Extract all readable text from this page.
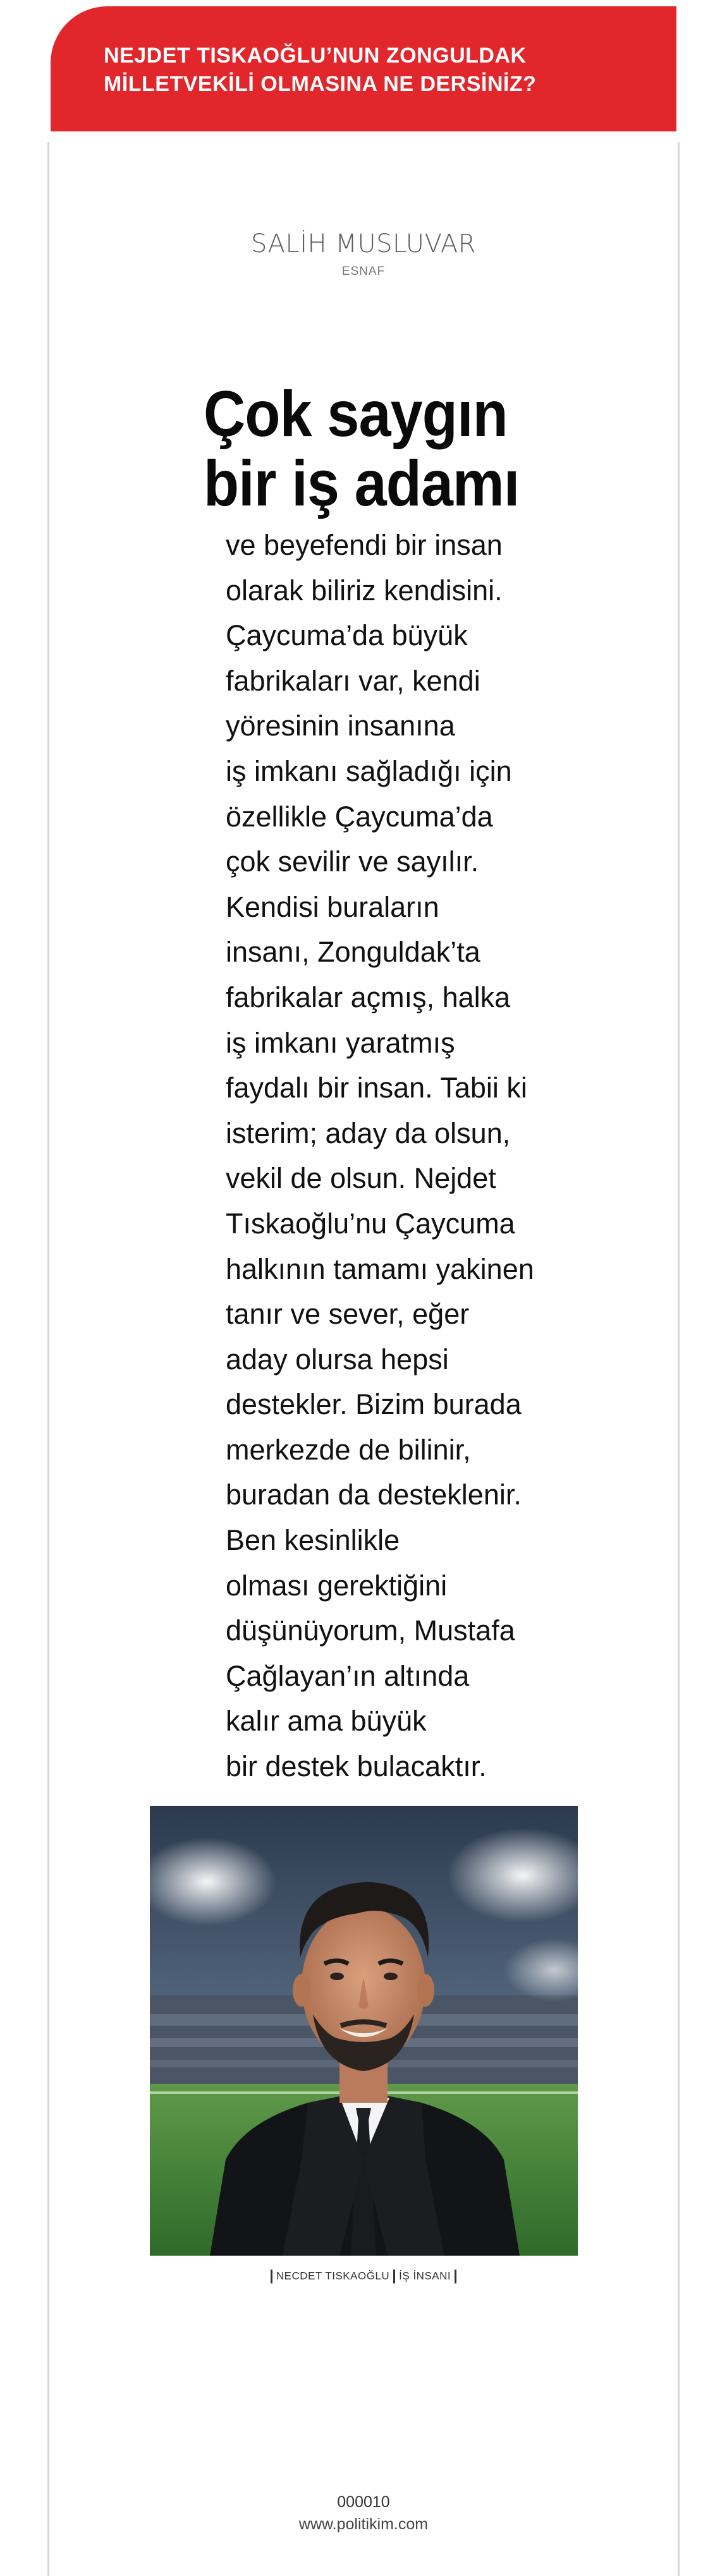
NEJDET TISKAOĞLU’NUN ZONGULDAK
MİLLETVEKİLİ OLMASINA NE DERSİNİZ?
SALİH MUSLUVAR
ESNAF
Çok saygın
bir iş adamı
ve beyefendi bir insan
olarak biliriz kendisini.
Çaycuma’da büyük
fabrikaları var, kendi
yöresinin insanına
iş imkanı sağladığı için
özellikle Çaycuma’da
çok sevilir ve sayılır.
Kendisi buraların
insanı, Zonguldak’ta
fabrikalar açmış, halka
iş imkanı yaratmış
faydalı bir insan. Tabii ki
isterim; aday da olsun,
vekil de olsun. Nejdet
Tıskaoğlu’nu Çaycuma
halkının tamamı yakinen
tanır ve sever, eğer
aday olursa hepsi
destekler. Bizim burada
merkezde de bilinir,
buradan da desteklenir.
Ben kesinlikle
olması gerektiğini
düşünüyorum, Mustafa
Çağlayan’ın altında
kalır ama büyük
bir destek bulacaktır.
NECDET TISKAOĞLU İŞ İNSANI
000010
www.politikim.com
